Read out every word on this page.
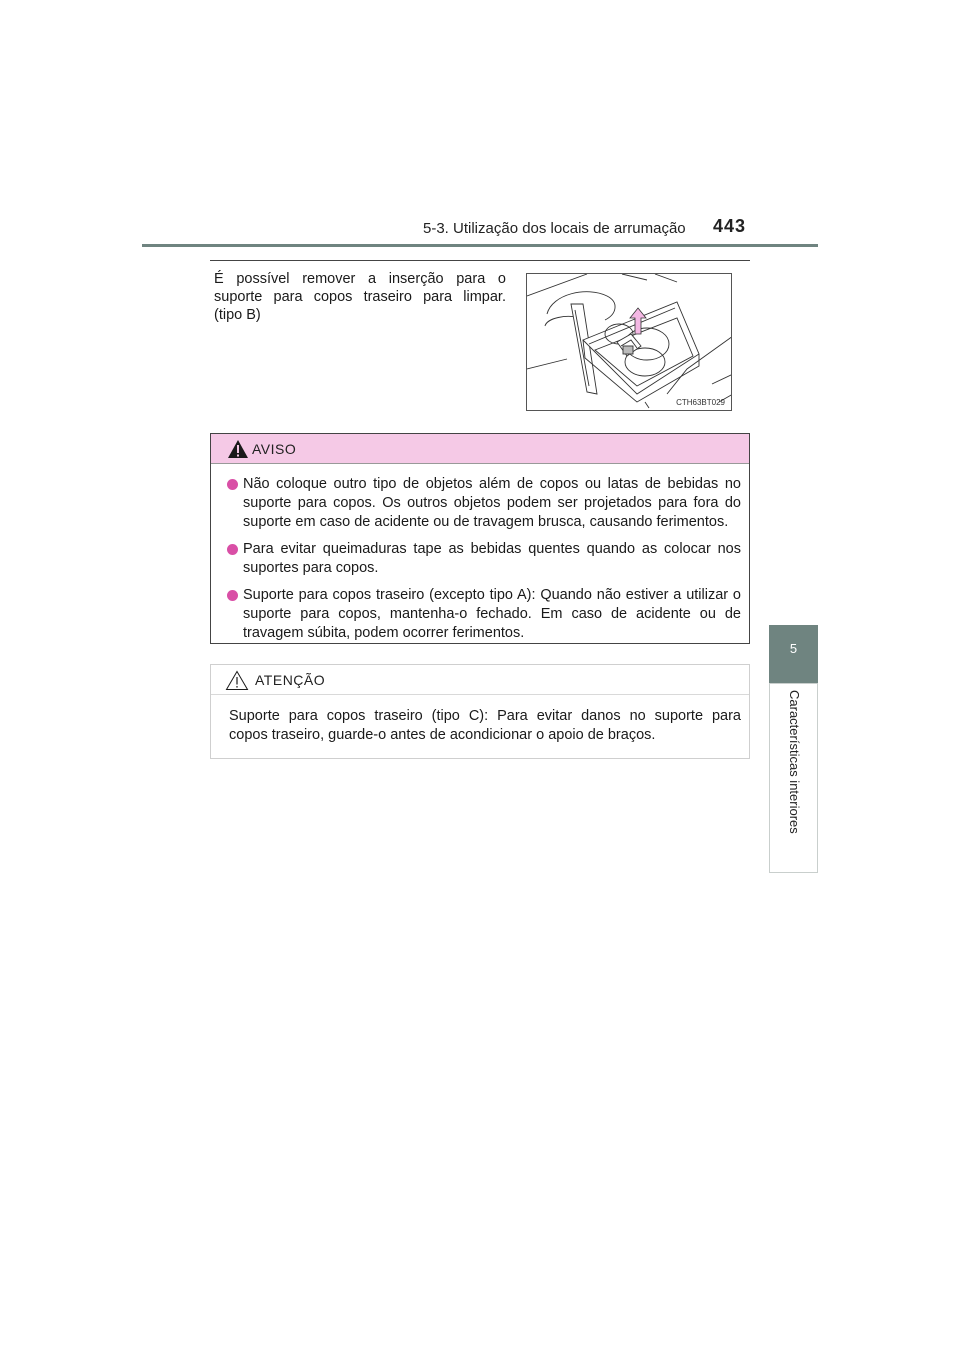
5-3. Utilização dos locais de arrumação 443
5
Características interiores
É possível remover a inserção para o
suporte para copos traseiro para limpar.
(tipo B)
CTH63BT029
AVISO
Não coloque outro tipo de objetos além de copos ou latas de bebidas no suporte para copos. Os outros objetos podem ser projetados para fora do suporte em caso de acidente ou de travagem brusca, causando ferimentos.
Para evitar queimaduras tape as bebidas quentes quando as colocar nos suportes para copos.
Suporte para copos traseiro (excepto tipo A): Quando não estiver a utilizar o suporte para copos, mantenha-o fechado. Em caso de acidente ou de travagem súbita, podem ocorrer ferimentos.
ATENÇÃO
Suporte para copos traseiro (tipo C): Para evitar danos no suporte para
copos traseiro, guarde-o antes de acondicionar o apoio de braços.
